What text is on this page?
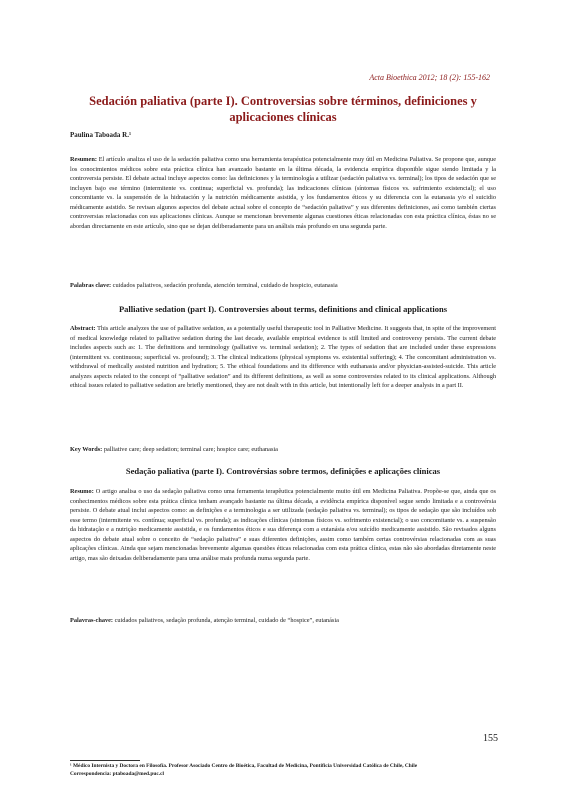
Acta Bioethica 2012; 18 (2): 155-162
Sedación paliativa (parte I). Controversias sobre términos, definiciones y aplicaciones clínicas
Paulina Taboada R.¹

Resumen: El artículo analiza el uso de la sedación paliativa como una herramienta terapéutica potencialmente muy útil en Medicina Paliativa. Se propone que, aunque los conocimientos médicos sobre esta práctica clínica han avanzado bastante en la última década, la evidencia empírica disponible sigue siendo limitada y la controversia persiste. El debate actual incluye aspectos como: las definiciones y la terminología a utilizar (sedación paliativa vs. terminal); los tipos de sedación que se incluyen bajo ese término (intermitente vs. continua; superficial vs. profunda); las indicaciones clínicas (síntomas físicos vs. sufrimiento existencial); el uso concomitante vs. la suspensión de la hidratación y la nutrición médicamente asistida, y los fundamentos éticos y su diferencia con la eutanasia y/o el suicidio médicamente asistido. Se revisan algunos aspectos del debate actual sobre el concepto de “sedación paliativa” y sus diferentes definiciones, así como también ciertas controversias relacionadas con sus aplicaciones clínicas. Aunque se mencionan brevemente algunas cuestiones éticas relacionadas con esta práctica clínica, éstas no se abordan directamente en este artículo, sino que se dejan deliberadamente para un análisis más profundo en una segunda parte.

Palabras clave: cuidados paliativos, sedación profunda, atención terminal, cuidado de hospicio, eutanasia

Palliative sedation (part I). Controversies about terms, definitions and clinical applications

Abstract: This article analyzes the use of palliative sedation, as a potentially useful therapeutic tool in Palliative Medicine. It suggests that, in spite of the improvement of medical knowledge related to palliative sedation during the last decade, available empirical evidence is still limited and controversy persists. The current debate includes aspects such as: 1. The definitions and terminology (palliative vs. terminal sedation); 2. The types of sedation that are included under these expressions (intermittent vs. continuous; superficial vs. profound); 3. The clinical indications (physical symptoms vs. existential suffering); 4. The concomitant administration vs. withdrawal of medically assisted nutrition and hydration; 5. The ethical foundations and its difference with euthanasia and/or physician-assisted-suicide. This article analyzes aspects related to the concept of “palliative sedation” and its different definitions, as well as some controversies related to its clinical applications. Although ethical issues related to palliative sedation are briefly mentioned, they are not dealt with in this article, but intentionally left for a deeper analysis in a part II.

Key Words: palliative care; deep sedation; terminal care; hospice care; euthanasia

Sedação paliativa (parte I). Controvérsias sobre termos, definições e aplicações clínicas

Resumo: O artigo analisa o uso da sedação paliativa como uma ferramenta terapêutica potencialmente muito útil em Medicina Paliativa. Propõe-se que, ainda que os conhecimentos médicos sobre esta prática clínica tenham avançado bastante na última década, a evidência empírica disponível segue sendo limitada e a controvérsia persiste. O debate atual inclui aspectos como: as definições e a terminologia a ser utilizada (sedação paliativa vs. terminal); os tipos de sedação que são incluídos sob esse termo (intermitente vs. contínua; superficial vs. profunda); as indicações clínicas (sintomas físicos vs. sofrimento existencial); o uso concomitante vs. a suspensão da hidratação e a nutrição medicamente assistida, e os fundamentos éticos e sua diferença com a eutanásia e/ou suicídio medicamente assistido. São revisados alguns aspectos do debate atual sobre o conceito de “sedação paliativa” e suas diferentes definições, assim como também certas controvérsias relacionadas com as suas aplicações clínicas. Ainda que sejam mencionadas brevemente algumas questões éticas relacionadas com esta prática clínica, estas não são abordadas diretamente neste artigo, mas são deixadas deliberadamente para uma análise mais profunda numa segunda parte.

Palavras-chave: cuidados paliativos, sedação profunda, atenção terminal, cuidado de “hospice”, eutanásia

155

¹ Médico Internista y Doctora en Filosofía. Profesor Asociado Centro de Bioética, Facultad de Medicina, Pontificia Universidad Católica de Chile, Chile
Correspondencia: ptaboada@med.puc.cl
